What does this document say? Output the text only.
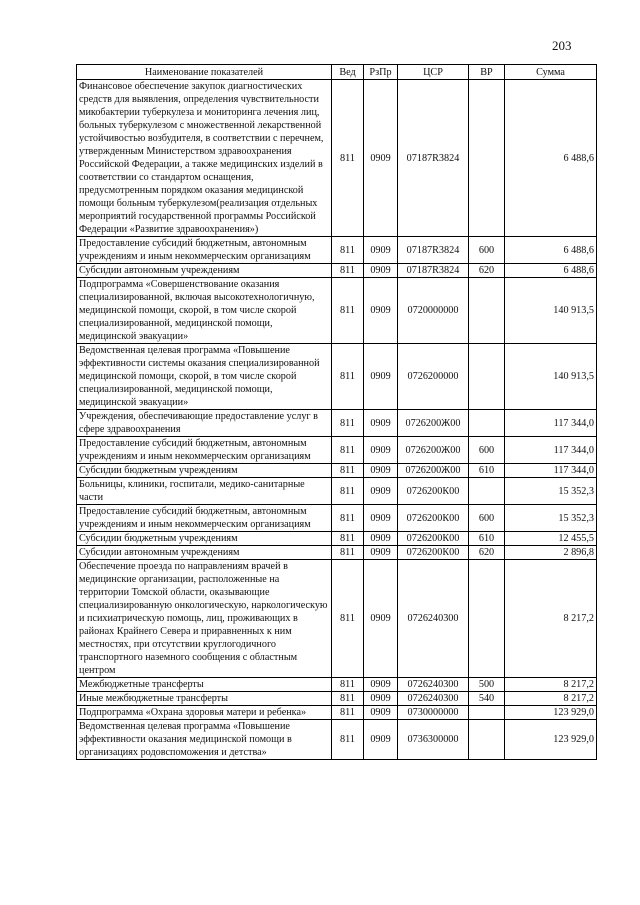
203
Наименование показателей	Вед	РзПр	ЦСР	ВР	Сумма
Финансовое обеспечение закупок диагностических средств для выявления, определения чувствительности микобактерии туберкулеза и мониторинга лечения лиц, больных туберкулезом с множественной лекарственной устойчивостью возбудителя, в соответствии с перечнем, утвержденным Министерством здравоохранения Российской Федерации, а также медицинских изделий в соответствии со стандартом оснащения, предусмотренным порядком оказания медицинской помощи больным туберкулезом(реализация отдельных мероприятий государственной программы Российской Федерации «Развитие здравоохранения»)	811	0909	07187R3824		6 488,6
Предоставление субсидий бюджетным, автономным учреждениям и иным некоммерческим организациям	811	0909	07187R3824	600	6 488,6
Субсидии автономным учреждениям	811	0909	07187R3824	620	6 488,6
Подпрограмма «Совершенствование оказания специализированной, включая высокотехнологичную, медицинской помощи, скорой, в том числе скорой специализированной, медицинской помощи, медицинской эвакуации»	811	0909	0720000000		140 913,5
Ведомственная целевая программа «Повышение эффективности системы оказания специализированной медицинской помощи, скорой, в том числе скорой специализированной, медицинской помощи, медицинской эвакуации»	811	0909	0726200000		140 913,5
Учреждения, обеспечивающие предоставление услуг в сфере здравоохранения	811	0909	0726200Ж00		117 344,0
Предоставление субсидий бюджетным, автономным учреждениям и иным некоммерческим организациям	811	0909	0726200Ж00	600	117 344,0
Субсидии бюджетным учреждениям	811	0909	0726200Ж00	610	117 344,0
Больницы, клиники, госпитали, медико-санитарные части	811	0909	0726200К00		15 352,3
Предоставление субсидий бюджетным, автономным учреждениям и иным некоммерческим организациям	811	0909	0726200К00	600	15 352,3
Субсидии бюджетным учреждениям	811	0909	0726200К00	610	12 455,5
Субсидии автономным учреждениям	811	0909	0726200К00	620	2 896,8
Обеспечение проезда по направлениям врачей в медицинские организации, расположенные на территории Томской области, оказывающие специализированную онкологическую, наркологическую и психиатрическую помощь, лиц, проживающих в районах Крайнего Севера и приравненных к ним местностях, при отсутствии круглогодичного транспортного наземного сообщения с областным центром	811	0909	0726240300		8 217,2
Межбюджетные трансферты	811	0909	0726240300	500	8 217,2
Иные межбюджетные трансферты	811	0909	0726240300	540	8 217,2
Подпрограмма «Охрана здоровья матери и ребенка»	811	0909	0730000000		123 929,0
Ведомственная целевая программа «Повышение эффективности оказания медицинской помощи в организациях родовспоможения и детства»	811	0909	0736300000		123 929,0
